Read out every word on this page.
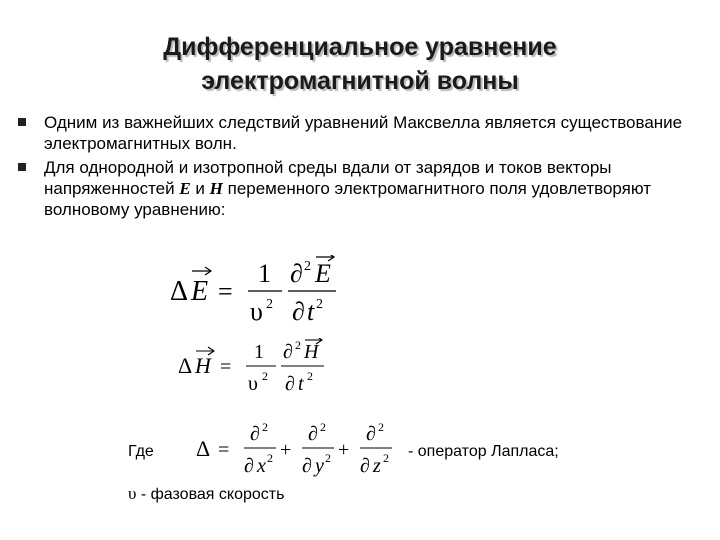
Дифференциальное уравнение
электромагнитной волны
Одним из важнейших следствий уравнений Максвелла является существование электромагнитных волн.
Для однородной и изотропной среды вдали от зарядов и токов векторы напряженностей E и H переменного электромагнитного поля удовлетворяют волновому уравнению:
Δ E =
1
υ 2
∂ 2 E
∂ t 2
Δ H =
1
υ 2
∂ 2 H
∂ t 2
Где Δ =
∂ 2
∂ x 2 +
∂ 2
∂ y 2 +
∂ 2
∂ z 2 - оператор Лапласа;
υ - фазовая скорость
